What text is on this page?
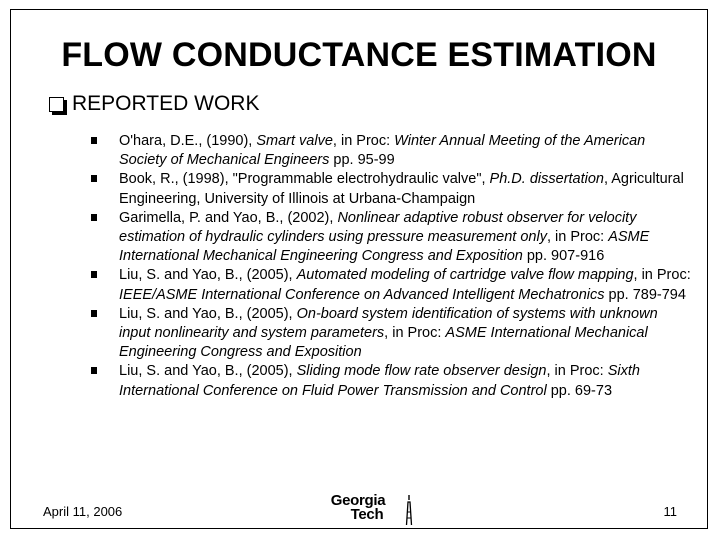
FLOW CONDUCTANCE ESTIMATION
REPORTED WORK
O'hara, D.E., (1990), Smart valve, in Proc: Winter Annual Meeting of the American Society of Mechanical Engineers pp. 95-99
Book, R., (1998), "Programmable electrohydraulic valve", Ph.D. dissertation, Agricultural Engineering, University of Illinois at Urbana-Champaign
Garimella, P. and Yao, B., (2002), Nonlinear adaptive robust observer for velocity estimation of hydraulic cylinders using pressure measurement only, in Proc: ASME International Mechanical Engineering Congress and Exposition pp. 907-916
Liu, S. and Yao, B., (2005), Automated modeling of cartridge valve flow mapping, in Proc: IEEE/ASME International Conference on Advanced Intelligent Mechatronics pp. 789-794
Liu, S. and Yao, B., (2005), On-board system identification of systems with unknown input nonlinearity and system parameters, in Proc: ASME International Mechanical Engineering Congress and Exposition
Liu, S. and Yao, B., (2005), Sliding mode flow rate observer design, in Proc: Sixth International Conference on Fluid Power Transmission and Control pp. 69-73
April 11, 2006
Georgia
Tech	11
